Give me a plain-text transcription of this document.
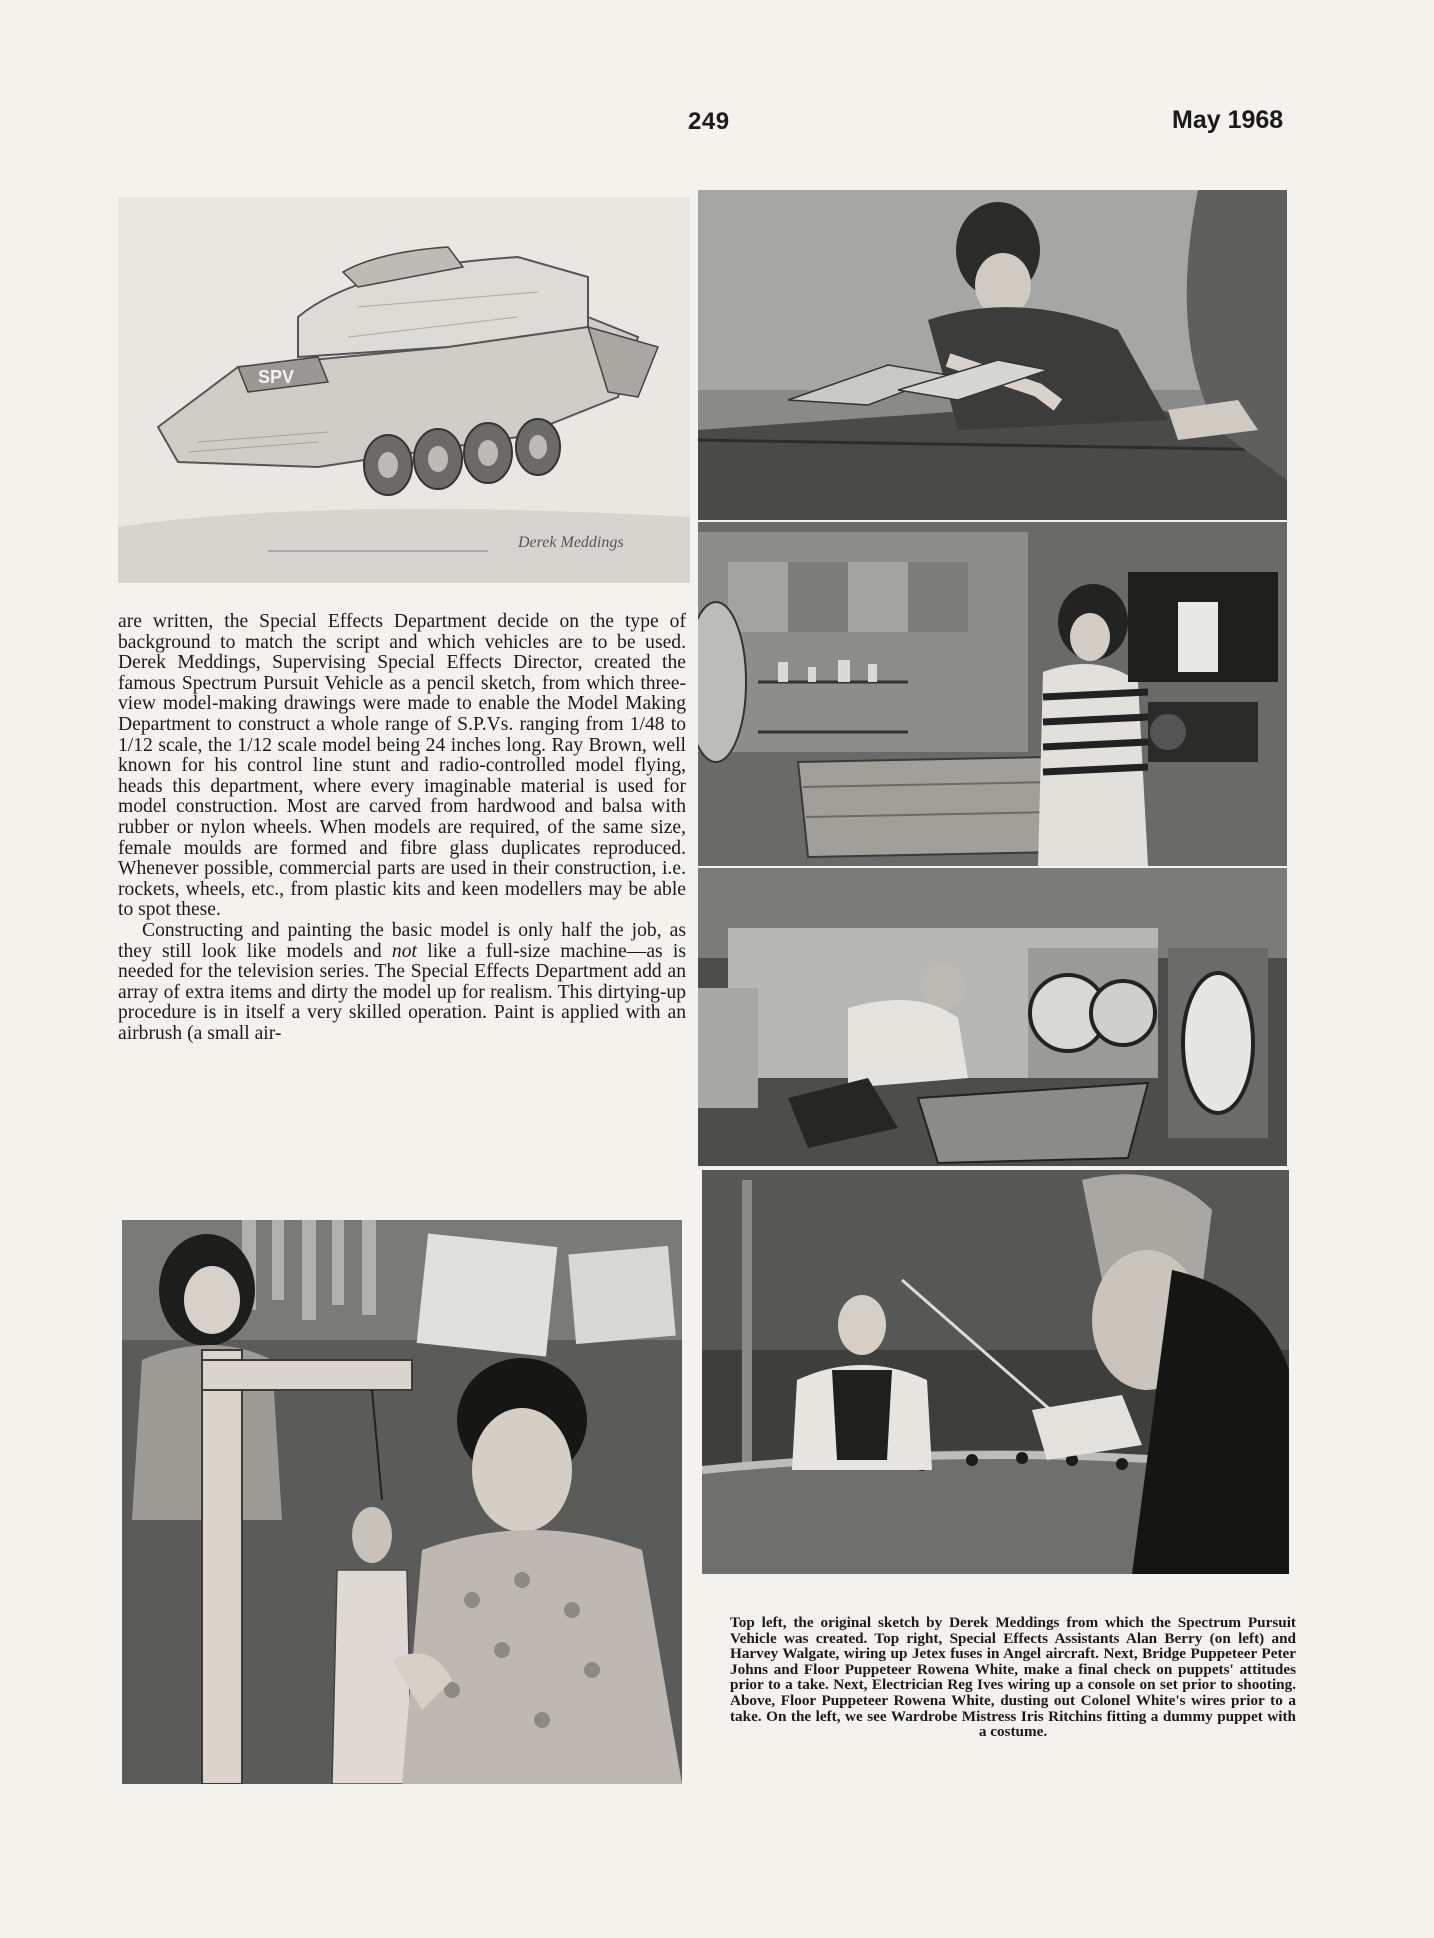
249	May 1968
SPV
Derek Meddings

are written, the Special Effects Department decide on the type of background to match the script and which vehicles are to be used. Derek Meddings, Supervising Special Effects Director, created the famous Spectrum Pursuit Vehicle as a pencil sketch, from which three-view model-making drawings were made to enable the Model Making Department to construct a whole range of S.P.Vs. ranging from 1/48 to 1/12 scale, the 1/12 scale model being 24 inches long. Ray Brown, well known for his control line stunt and radio-controlled model flying, heads this department, where every imaginable material is used for model construction. Most are carved from hardwood and balsa with rubber or nylon wheels. When models are required, of the same size, female moulds are formed and fibre glass duplicates reproduced. Whenever possible, commercial parts are used in their construction, i.e. rockets, wheels, etc., from plastic kits and keen modellers may be able to spot these.

Constructing and painting the basic model is only half the job, as they still look like models and not like a full-size machine—as is needed for the television series. The Special Effects Department add an array of extra items and dirty the model up for realism. This dirtying-up procedure is in itself a very skilled operation. Paint is applied with an airbrush (a small air-

Top left, the original sketch by Derek Meddings from which the Spectrum Pursuit Vehicle was created. Top right, Special Effects Assistants Alan Berry (on left) and Harvey Walgate, wiring up Jetex fuses in Angel aircraft. Next, Bridge Puppeteer Peter Johns and Floor Puppeteer Rowena White, make a final check on puppets' attitudes prior to a take. Next, Electrician Reg Ives wiring up a console on set prior to shooting. Above, Floor Puppeteer Rowena White, dusting out Colonel White's wires prior to a take. On the left, we see Wardrobe Mistress Iris Ritchins fitting a dummy puppet with a costume.
